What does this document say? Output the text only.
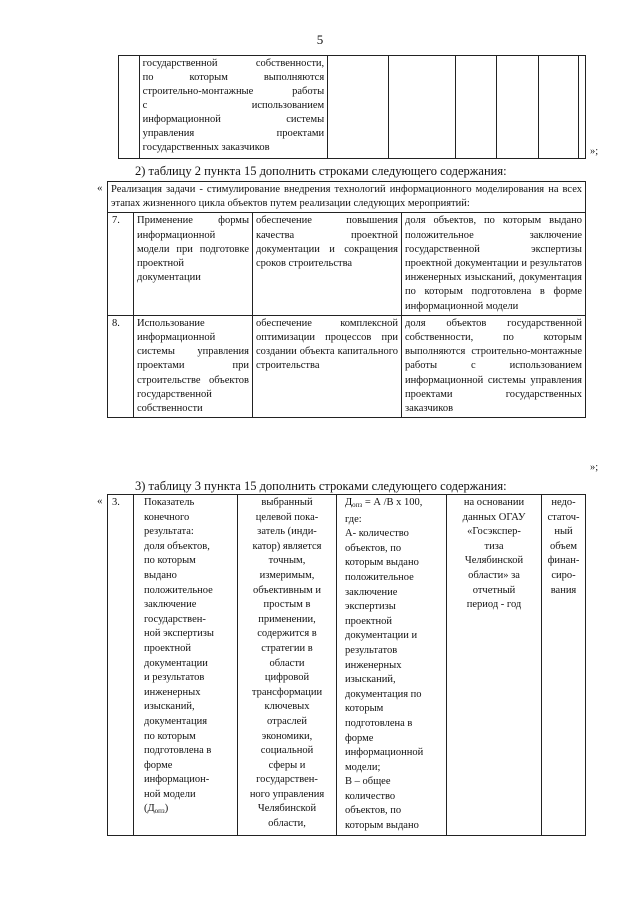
5

государственной собственности,
по которым выполняются
строительно-монтажные работы
с использованием
информационной системы
управления проектами
государственных заказчиков
							»;
2) таблицу 2 пункта 15 дополнить строками следующего содержания:
« Реализация задачи - стимулирование внедрения технологий информационного моделирования на всех этапах жизненного цикла объектов путем реализации следующих мероприятий:			
7.	Применение формы информационной модели при подготовке проектной документации	обеспечение повышения качества проектной документации и сокращения сроков строительства	доля объектов, по которым выдано положительное заключение государственной экспертизы проектной документации и результатов инженерных изысканий, документация по которым подготовлена в форме информационной модели
8.	Использование информационной системы управления проектами при строительстве объектов государственной собственности	обеспечение комплексной оптимизации процессов при создании объекта капитального строительства	доля объектов государственной собственности, по которым выполняются строительно-монтажные работы с использованием информационной системы управления проектами государственных заказчиков
»;
3) таблицу 3 пункта 15 дополнить строками следующего содержания:
« 3.	Показатель
конечного
результата:
доля объектов,
по которым
выдано
положительное
заключение
государствен-
ной экспертизы
проектной
документации
и результатов
инженерных
изысканий,
документация
по которым
подготовлена в
форме
информацион-
ной модели
$(Д_{опз})$

выбранный
целевой пока-
затель (инди-
катор) является
точным,
измеримым,
объективным и
простым в
применении,
содержится в
стратегии в
области
цифровой
трансформации
ключевых
отраслей
экономики,
социальной
сферы и
государствен-
ного управления
Челябинской
области,

$Д_{опз} = А$ /В х 100,
где:
А- количество
объектов, по
которым выдано
положительное
заключение
экспертизы
проектной
документации и
результатов
инженерных
изысканий,
документация по
которым
подготовлена в
форме
информационной
модели;
В – общее
количество
объектов, по
которым выдано

на основании
данных ОГАУ
«Госэкспер-
тиза
Челябинской
области» за
отчетный
период - год

недо-
статоч-
ный
объем
финан-
сиро-
вания
